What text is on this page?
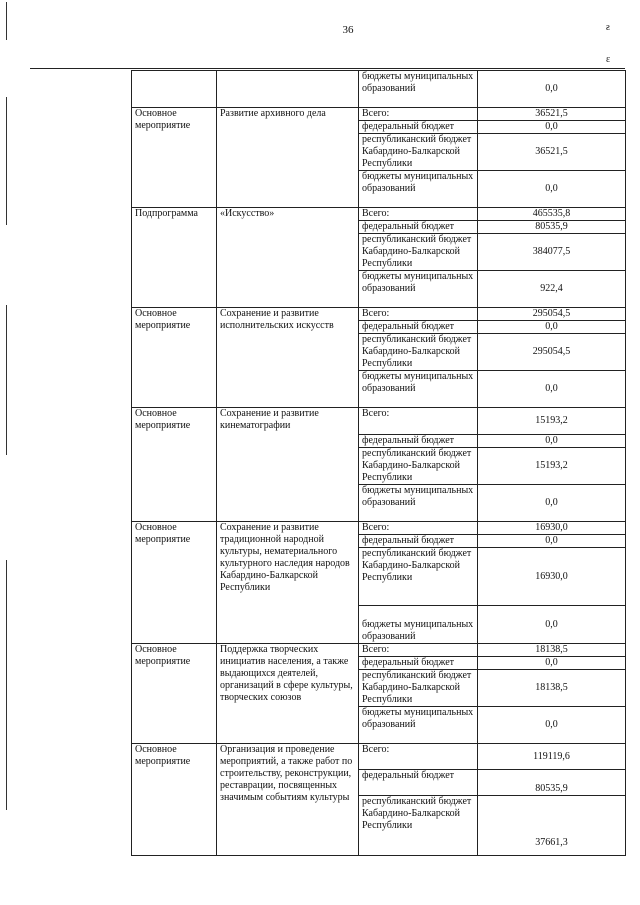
36	ƨ
ɛ
		бюджеты муниципальных образований	0,0
Основное мероприятие	Развитие архивного дела	Всего:	36521,5
		федеральный бюджет	0,0
		республиканский бюджет Кабардино-Балкарской Республики	36521,5
		бюджеты муниципальных образований	0,0
Подпрограмма	«Искусство»	Всего:	465535,8
		федеральный бюджет	80535,9
		республиканский бюджет Кабардино-Балкарской Республики	384077,5
		бюджеты муниципальных образований	922,4
Основное мероприятие	Сохранение и развитие исполнительских искусств	Всего:	295054,5
		федеральный бюджет	0,0
		республиканский бюджет Кабардино-Балкарской Республики	295054,5
		бюджеты муниципальных образований	0,0
Основное мероприятие	Сохранение и развитие кинематографии	Всего:	15193,2
		федеральный бюджет	0,0
		республиканский бюджет Кабардино-Балкарской Республики	15193,2
		бюджеты муниципальных образований	0,0
Основное мероприятие	Сохранение и развитие традиционной народной культуры, нематериального культурного наследия народов Кабардино-Балкарской Республики	Всего:	16930,0
		федеральный бюджет	0,0
		республиканский бюджет Кабардино-Балкарской Республики	16930,0
		бюджеты муниципальных образований	0,0
Основное мероприятие	Поддержка творческих инициатив населения, а также выдающихся деятелей, организаций в сфере культуры, творческих союзов	Всего:	18138,5
		федеральный бюджет	0,0
		республиканский бюджет Кабардино-Балкарской Республики	18138,5
		бюджеты муниципальных образований	0,0
Основное мероприятие	Организация и проведение мероприятий, а также работ по строительству, реконструкции, реставрации, посвященных значимым событиям культуры	Всего:	119119,6
		федеральный бюджет	80535,9
		республиканский бюджет Кабардино-Балкарской Республики	37661,3
